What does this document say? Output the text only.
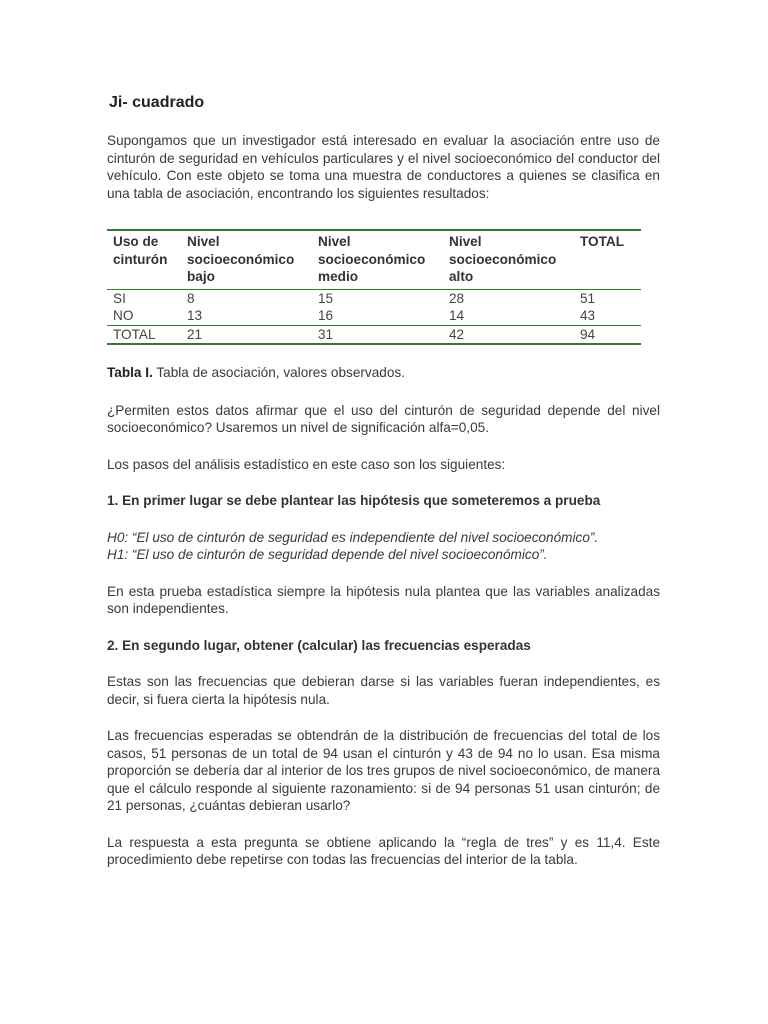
Ji- cuadrado

Supongamos que un investigador está interesado en evaluar la asociación entre uso de cinturón de seguridad en vehículos particulares y el nivel socioeconómico del conductor del vehículo. Con este objeto se toma una muestra de conductores a quienes se clasifica en una tabla de asociación, encontrando los siguientes resultados:

Uso de cinturón	Nivel socioeconómico bajo	Nivel socioeconómico medio	Nivel socioeconómico alto	TOTAL
SI	8	15	28	51
NO	13	16	14	43
TOTAL	21	31	42	94

Tabla I. Tabla de asociación, valores observados.

¿Permiten estos datos afirmar que el uso del cinturón de seguridad depende del nivel socioeconómico? Usaremos un nivel de significación alfa=0,05.

Los pasos del análisis estadístico en este caso son los siguientes:

1. En primer lugar se debe plantear las hipótesis que someteremos a prueba

H0: “El uso de cinturón de seguridad es independiente del nivel socioeconómico”.

H1: “El uso de cinturón de seguridad depende del nivel socioeconómico”.

En esta prueba estadística siempre la hipótesis nula plantea que las variables analizadas son independientes.

2. En segundo lugar, obtener (calcular) las frecuencias esperadas

Estas son las frecuencias que debieran darse si las variables fueran independientes, es decir, si fuera cierta la hipótesis nula.

Las frecuencias esperadas se obtendrán de la distribución de frecuencias del total de los casos, 51 personas de un total de 94 usan el cinturón y 43 de 94 no lo usan. Esa misma proporción se debería dar al interior de los tres grupos de nivel socioeconómico, de manera que el cálculo responde al siguiente razonamiento: si de 94 personas 51 usan cinturón; de 21 personas, ¿cuántas debieran usarlo?

La respuesta a esta pregunta se obtiene aplicando la “regla de tres” y es 11,4. Este procedimiento debe repetirse con todas las frecuencias del interior de la tabla.
